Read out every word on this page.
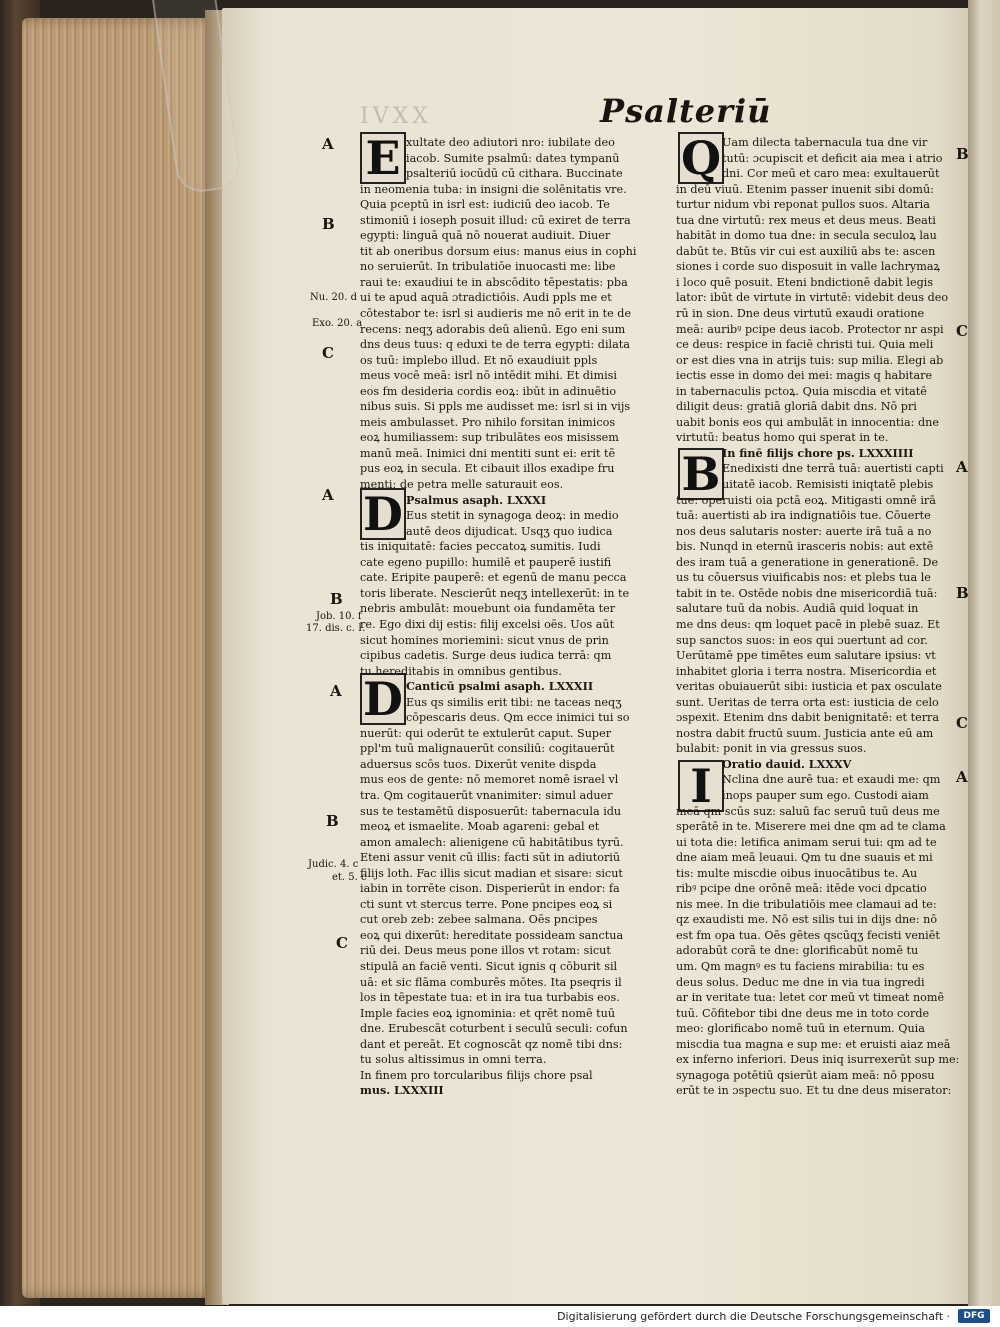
IVXX	Psalteriū
E
D
D
Q
B
I
xultate deo adiutori nro: iubilate deo
iacob. Sumite psalmū: dateɜ tympanū
psalteriū iocūdū cū cithara. Buccinate
in neomenia tuba: in insigni die solēnitatis vre.
Quia pceptū in isrl est: iudiciū deo iacob. Te
stimoniū i ioseph posuit illud: cū exiret de terra
egypti: linguā quā nō nouerat audiuit. Diuer
tit ab oneribus dorsum eius: manus eius in cophi
no seruierūt. In tribulatiōe inuocasti me: libe
raui te: exaudiui te in abscōdito tēpestatis: pba
ui te apud aquā ɔtradictiōis. Audi ppls me et
cōtestabor te: isrl si audieris me nō erit in te de
recens: neqʒ adorabis deū alienū. Ego eni sum
dns deus tuus: q eduxi te de terra egypti: dilata
os tuū: implebo illud. Et nō exaudiuit ppls
meus vocē meā: isrl nō intēdit mihi. Et dimisi
eos fm desideria cordis eoꝝ: ibūt in adinuētio
nibus suis. Si ppls me audisset me: isrl si in vijs
meis ambulasset. Pro nihilo forsitan inimicos
eoꝝ humiliassem: sup tribulātes eos misissem
manū meā. Inimici dni mentiti sunt ei: erit tē
pus eoꝝ in secula. Et cibauit illos exadipe fru
menti: de petra melle saturauit eos.
Psalmus asaph. LXXXI
Eus stetit in synagoga deoꝝ: in medio
autē deos dijudicat. Usqʒ quo iudica
tis iniquitatē: facies peccatoꝝ sumitis. Iudi
cate egeno pupillo: humilē et pauperē iustifi
cate. Eripite pauperē: et egenū de manu pecca
toris liberate. Nescierūt neqʒ intellexerūt: in te
nebris ambulāt: mouebunt oia fundamēta ter
re. Ego dixi dij estis: filij excelsi oēs. Uos aūt
sicut homines moriemini: sicut vnus de prin
cipibus cadetis. Surge deus iudica terrā: qm
tu hereditabis in omnibus gentibus.
Canticū psalmi asaph. LXXXII
Eus qs similis erit tibi: ne taceas neqʒ
cōpescaris deus. Qm ecce inimici tui so
nuerūt: qui oderūt te extulerūt caput. Super
ppl'm tuū malignauerūt consiliū: cogitauerūt
aduersus scōs tuos. Dixerūt venite disꝑda
mus eos de gente: nō memoret nomē israel vl
tra. Qm cogitauerūt vnanimiter: simul aduer
sus te testamētū disposuerūt: tabernacula idu
meoꝝ et ismaelite. Moab agareni: gebal et
amon amalech: alienigene cū habitātibus tyrū.
Eteni assur venit cū illis: facti sūt in adiutoriū
filijs loth. Fac illis sicut madian et sisare: sicut
iabin in torrēte cison. Disperierūt in endor: fa
cti sunt vt stercus terre. Pone pncipes eoꝝ si
cut oreb zeb: zebee salmana. Oēs pncipes
eoꝝ qui dixerūt: hereditate possideam sanctua
riū dei. Deus meus pone illos vt rotam: sicut
stipulā an faciē venti. Sicut ignis q cōburit sil
uā: et sic flāma comburēs mōtes. Ita pseqris il
los in tēpestate tua: et in ira tua turbabis eos.
Imple facies eoꝝ ignominia: et qrēt nomē tuū
dne. Erubescāt coturbent i seculū seculi: cofun
dant et pereāt. Et cognoscāt qz nomē tibi dns:
tu solus altissimus in omni terra.
In finem pro torcularibus filijs chore psal
mus. LXXXIII
Uam dilecta tabernacula tua dne vir
tutū: ɔcupiscit et deficit aia mea i atrio
dni. Cor meū et caro mea: exultauerūt
in deū viuū. Etenim passer inuenit sibi domū:
turtur nidum vbi reponat pullos suos. Altaria
tua dne virtutū: rex meus et deus meus. Beati
habitāt in domo tua dne: in secula seculoꝝ lau
dabūt te. Btūs vir cui est auxiliū abs te: ascen
siones i corde suo disposuit in valle lachrymaꝝ
i loco quē posuit. Eteni bndictionē dabit legis
lator: ibūt de virtute in virtutē: videbit deus deo
rū in sion. Dne deus virtutū exaudi oratione
meā: auribꝰ pcipe deus iacob. Protector nr aspi
ce deus: respice in faciē christi tui. Quia meli
or est dies vna in atrijs tuis: sup milia. Elegi ab
iectis esse in domo dei mei: magis q habitare
in tabernaculis pctoꝝ. Quia miscdia et vitatē
diligit deus: gratiā gloriā dabit dns. Nō pri
uabit bonis eos qui ambulāt in innocentia: dne
virtutū: beatus homo qui sperat in te.
In finē filijs chore ps. LXXXIIII
Enedixisti dne terrā tuā: auertisti capti
uitatē iacob. Remisisti iniqtatē plebis
tue: operuisti oia pctā eoꝝ. Mitigasti omnē irā
tuā: auertisti ab ira indignatiōis tue. Cōuerte
nos deus salutaris noster: auerte irā tuā a no
bis. Nunqd in eternū irasceris nobis: aut extē
des iram tuā a generatione in generationē. De
us tu cōuersus viuificabis nos: et plebs tua le
tabit in te. Ostēde nobis dne misericordiā tuā:
salutare tuū da nobis. Audiā quid loquat in
me dns deus: qm loquet pacē in plebē suaz. Et
sup sanctos suos: in eos qui ɔuertunt ad cor.
Uerūtamē ppe timētes eum salutare ipsius: vt
inhabitet gloria i terra nostra. Misericordia et
veritas obuiauerūt sibi: iusticia et pax osculate
sunt. Ueritas de terra orta est: iusticia de celo
ɔspexit. Etenim dns dabit benignitatē: et terra
nostra dabit fructū suum. Justicia ante eū am
bulabit: ponit in via gressus suos.
Oratio dauid. LXXXV
Nclina dne aurē tua: et exaudi me: qm
inops pauper sum ego. Custodi aiam
meā qm scūs suz: saluū fac seruū tuū deus me
sperātē in te. Miserere mei dne qm ad te clama
ui tota die: letifica animam serui tui: qm ad te
dne aiam meā leuaui. Qm tu dne suauis et mi
tis: multe miscdie oibus inuocātibus te. Au
ribꝰ pcipe dne orōnē meā: itēde voci dpcatio
nis mee. In die tribulatiōis mee clamaui ad te:
qz exaudisti me. Nō est silis tui in dijs dne: nō
est fm opa tua. Oēs gētes qscūqʒ fecisti veniēt
adorabūt corā te dne: glorificabūt nomē tu
um. Qm magnꝰ es tu faciens mirabilia: tu es
deus solus. Deduc me dne in via tua ingredi
ar in veritate tua: letet cor meū vt timeat nomē
tuū. Cōfitebor tibi dne deus me in toto corde
meo: glorificabo nomē tuū in eternum. Quia
miscdia tua magna e sup me: et eruisti aiaz meā
ex inferno inferiori. Deus iniq isurrexerūt sup me:
synagoga potētiū qsierūt aiam meā: nō pposu
erūt te in ɔspectu suo. Et tu dne deus miserator:
A
B
C
A
B
A
B
C
Nu. 20. d
Exo. 20. a
Job. 10. f
17. dis. c. I.
Judic. 4. c
et. 5. c
B
C
A
B
C
A
Digitalisierung gefördert durch die Deutsche Forschungsgemeinschaft ·	DFG
